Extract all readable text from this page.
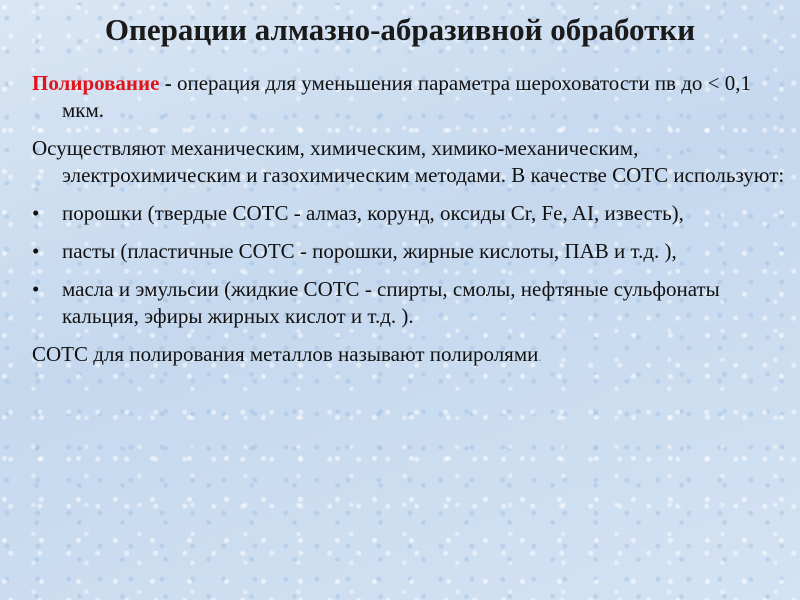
Операции алмазно-абразивной обработки

Полирование - операция для уменьшения параметра шероховатости пв до < 0,1 мкм.

Осуществляют механическим, химическим, химико-механическим, электрохимическим и газохимическим методами. В качестве СОТС используют:

•	порошки (твердые СОТС - алмаз, корунд, оксиды Cr, Fe, AI, известь),
•	пасты (пластичные СОТС - порошки, жирные кислоты, ПАВ и т.д. ),
•	масла и эмульсии (жидкие СОТС - спирты, смолы, нефтяные сульфонаты кальция, эфиры жирных кислот и т.д. ).

СОТС для полирования металлов называют полиролями.
